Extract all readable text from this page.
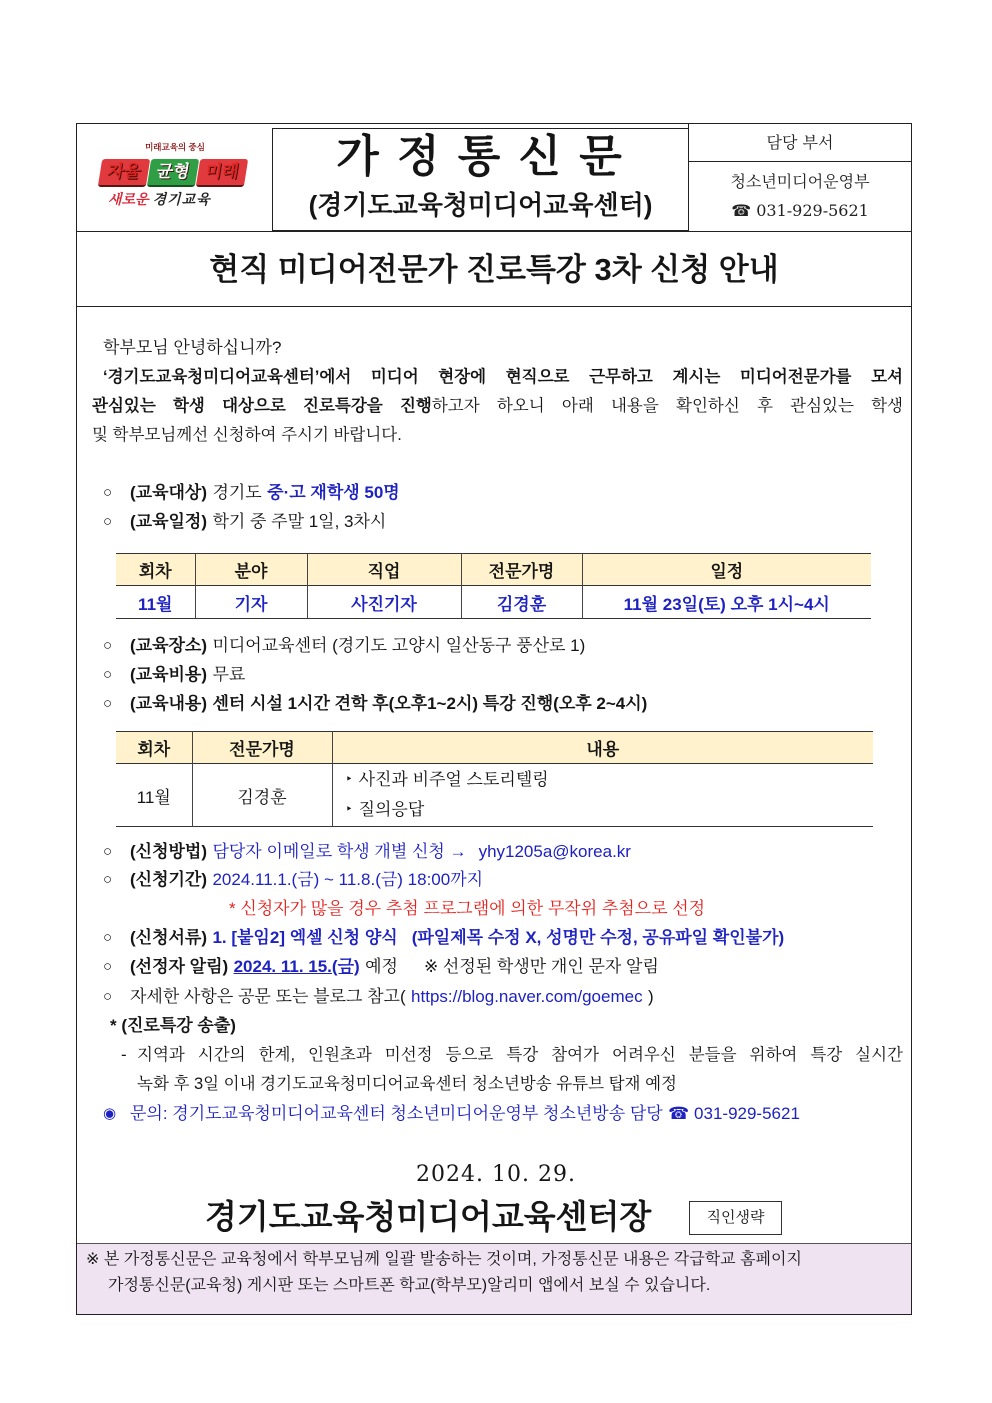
미래교육의 중심
자율 균형 미래
새로운 경기교육
가 정 통 신 문
(경기도교육청미디어교육센터)
담당 부서
청소년미디어운영부
☎ 031-929-5621
현직 미디어전문가 진로특강 3차 신청 안내
학부모님 안녕하십니까?
‘경기도교육청미디어교육센터’에서 미디어 현장에 현직으로 근무하고 계시는 미디어전문가를 모셔
관심있는 학생 대상으로 진로특강을 진행하고자 하오니 아래 내용을 확인하신 후 관심있는 학생
및 학부모님께선 신청하여 주시기 바랍니다.
○ (교육대상) 경기도 중·고 재학생 50명
○ (교육일정) 학기 중 주말 1일, 3차시
회차	분야	직업	전문가명	일정
11월	기자	사진기자	김경훈	11월 23일(토) 오후 1시~4시
○ (교육장소) 미디어교육센터 (경기도 고양시 일산동구 풍산로 1)
○ (교육비용) 무료
○ (교육내용) 센터 시설 1시간 견학 후(오후1~2시) 특강 진행(오후 2~4시)
회차	전문가명	내용
11월	김경훈	‣ 사진과 비주얼 스토리텔링
‣ 질의응답
○ (신청방법) 담당자 이메일로 학생 개별 신청 → yhy1205a@korea.kr
○ (신청기간) 2024.11.1.(금) ~ 11.8.(금) 18:00까지
* 신청자가 많을 경우 추첨 프로그램에 의한 무작위 추첨으로 선정
○ (신청서류) 1. [붙임2] 엑셀 신청 양식 (파일제목 수정 X, 성명만 수정, 공유파일 확인불가)
○ (선정자 알림) 2024. 11. 15.(금) 예정 ※ 선정된 학생만 개인 문자 알림
○ 자세한 사항은 공문 또는 블로그 참고( https://blog.naver.com/goemec )
* (진로특강 송출)
- 지역과 시간의 한계, 인원초과 미선정 등으로 특강 참여가 어려우신 분들을 위하여 특강 실시간
녹화 후 3일 이내 경기도교육청미디어교육센터 청소년방송 유튜브 탑재 예정
◉ 문의: 경기도교육청미디어교육센터 청소년미디어운영부 청소년방송 담당 ☎ 031-929-5621
2024. 10. 29.
경기도교육청미디어교육센터장	직인생략
※ 본 가정통신문은 교육청에서 학부모님께 일괄 발송하는 것이며, 가정통신문 내용은 각급학교 홈페이지
가정통신문(교육청) 게시판 또는 스마트폰 학교(학부모)알리미 앱에서 보실 수 있습니다.
